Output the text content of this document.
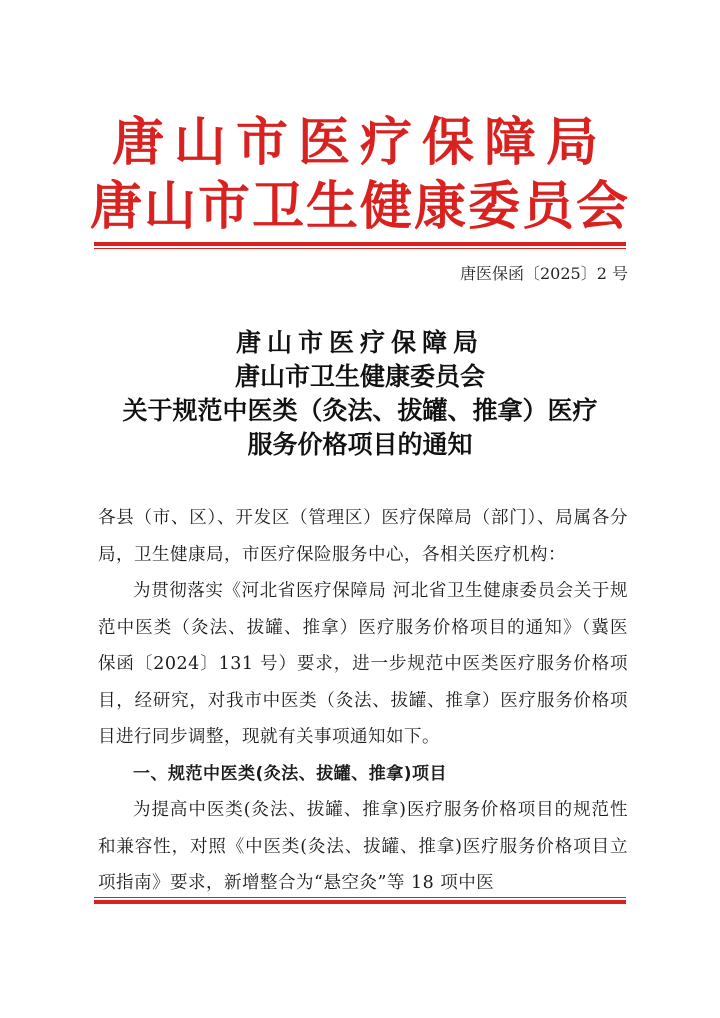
唐山市医疗保障局
唐山市卫生健康委员会
唐医保函〔2025〕2 号
唐山市医疗保障局
唐山市卫生健康委员会
关于规范中医类（灸法、拔罐、推拿）医疗
服务价格项目的通知

各县（市、区）、开发区（管理区）医疗保障局（部门）、局属各分局，卫生健康局，市医疗保险服务中心，各相关医疗机构：

为贯彻落实《河北省医疗保障局 河北省卫生健康委员会关于规范中医类（灸法、拔罐、推拿）医疗服务价格项目的通知》（冀医保函〔2024〕131 号）要求，进一步规范中医类医疗服务价格项目，经研究，对我市中医类（灸法、拔罐、推拿）医疗服务价格项目进行同步调整，现就有关事项通知如下。

一、规范中医类(灸法、拔罐、推拿)项目

为提高中医类(灸法、拔罐、推拿)医疗服务价格项目的规范性和兼容性，对照《中医类(灸法、拔罐、推拿)医疗服务价格项目立项指南》要求，新增整合为“悬空灸”等 18 项中医
